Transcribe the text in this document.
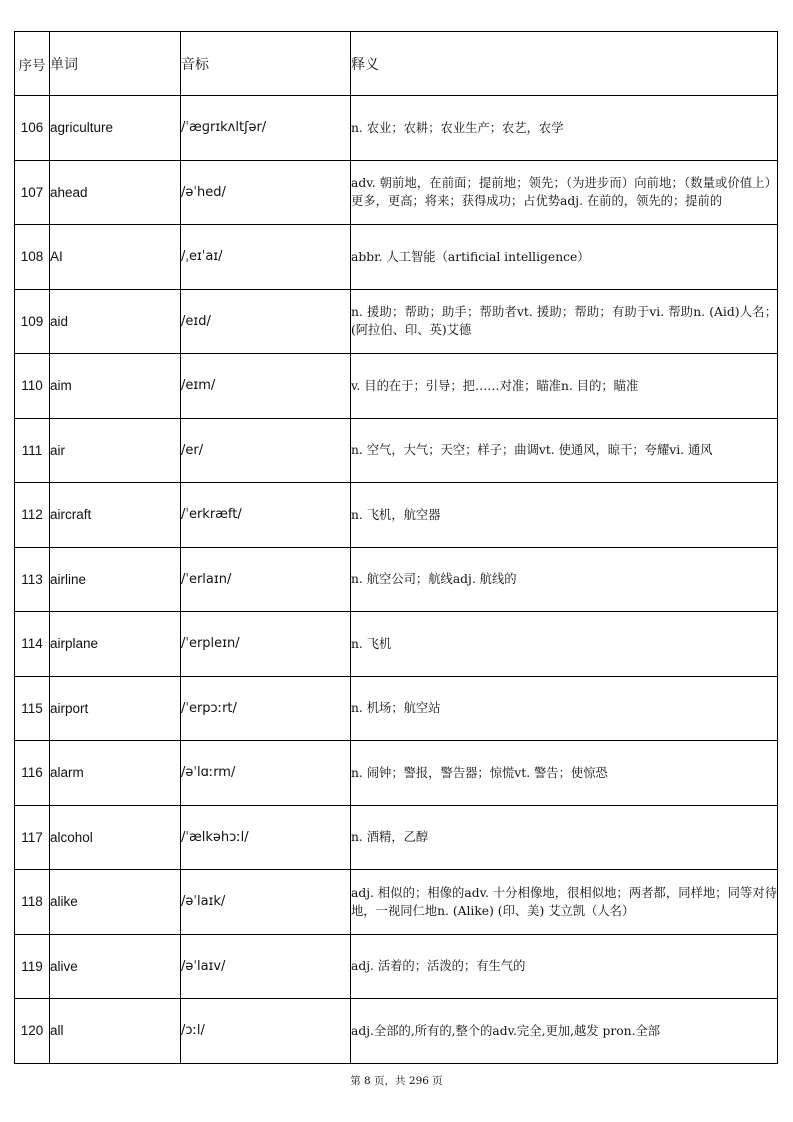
序号	单词	音标	释义
106	agriculture	/ˈæɡrɪkʌltʃər/	n. 农业；农耕；农业生产；农艺，农学
107	ahead	/əˈhed/	adv. 朝前地，在前面；提前地；领先；（为进步而）向前地；（数量或价值上）更多，更高；将来；获得成功；占优势adj. 在前的，领先的；提前的
108	AI	/ˌeɪˈaɪ/	abbr. 人工智能（artificial intelligence）
109	aid	/eɪd/	n. 援助；帮助；助手；帮助者vt. 援助；帮助；有助于vi. 帮助n. (Aid)人名；(阿拉伯、印、英)艾德
110	aim	/eɪm/	v. 目的在于；引导；把……对准；瞄准n. 目的；瞄准
111	air	/er/	n. 空气，大气；天空；样子；曲调vt. 使通风，晾干；夸耀vi. 通风
112	aircraft	/ˈerkræft/	n. 飞机，航空器
113	airline	/ˈerlaɪn/	n. 航空公司；航线adj. 航线的
114	airplane	/ˈerpleɪn/	n. 飞机
115	airport	/ˈerpɔːrt/	n. 机场；航空站
116	alarm	/əˈlɑːrm/	n. 闹钟；警报，警告器；惊慌vt. 警告；使惊恐
117	alcohol	/ˈælkəhɔːl/	n. 酒精，乙醇
118	alike	/əˈlaɪk/	adj. 相似的；相像的adv. 十分相像地，很相似地；两者都，同样地；同等对待地，一视同仁地n. (Alike) (印、美) 艾立凯（人名）
119	alive	/əˈlaɪv/	adj. 活着的；活泼的；有生气的
120	all	/ɔːl/	adj.全部的,所有的,整个的adv.完全,更加,越发 pron.全部
第 8 页，共 296 页
